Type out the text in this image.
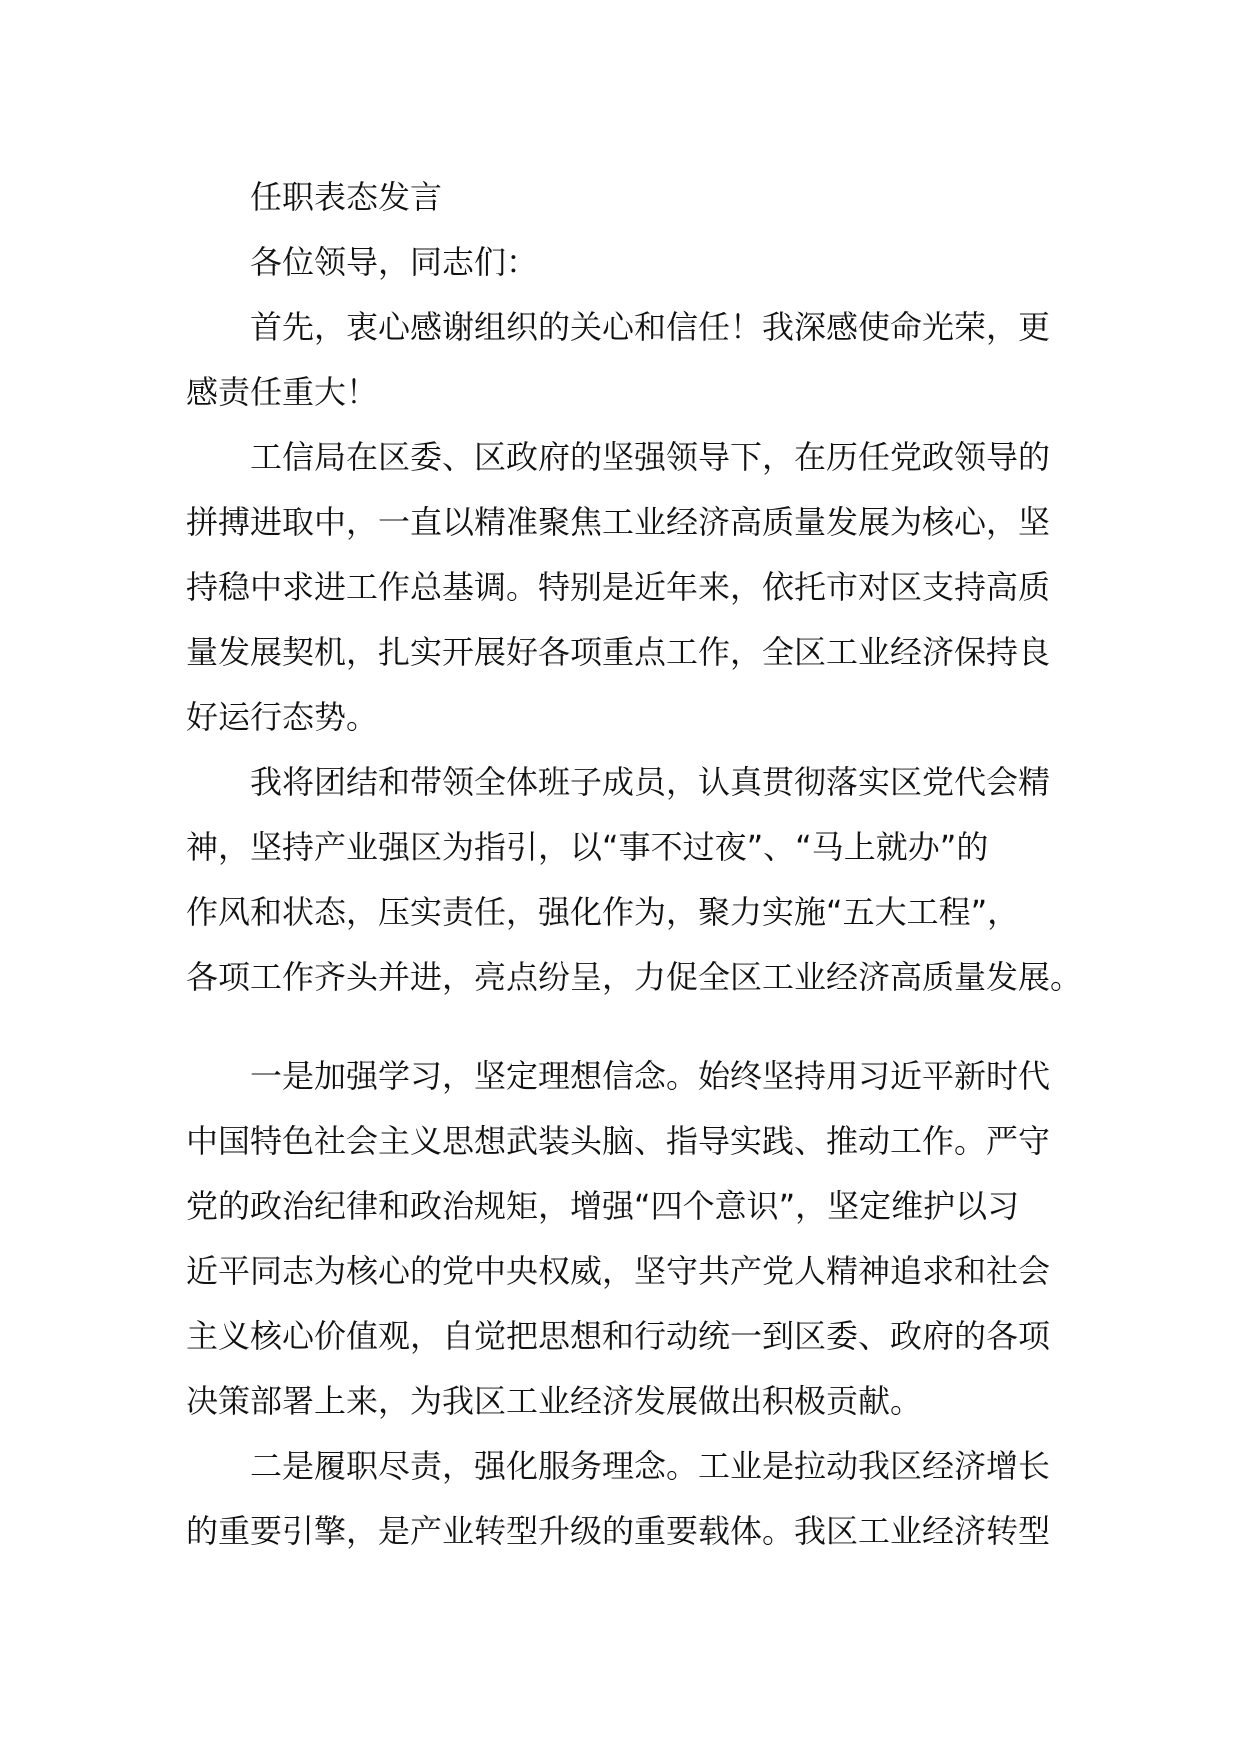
任职表态发言
各位领导，同志们：
首先，衷心感谢组织的关心和信任！我深感使命光荣，更
感责任重大！
工信局在区委、区政府的坚强领导下，在历任党政领导的
拼搏进取中，一直以精准聚焦工业经济高质量发展为核心，坚
持稳中求进工作总基调。特别是近年来，依托市对区支持高质
量发展契机，扎实开展好各项重点工作，全区工业经济保持良
好运行态势。
我将团结和带领全体班子成员，认真贯彻落实区党代会精
神，坚持产业强区为指引，以“事不过夜”、“马上就办”的
作风和状态，压实责任，强化作为，聚力实施“五大工程”，
各项工作齐头并进，亮点纷呈，力促全区工业经济高质量发展。
一是加强学习，坚定理想信念。始终坚持用习近平新时代
中国特色社会主义思想武装头脑、指导实践、推动工作。严守
党的政治纪律和政治规矩，增强“四个意识”，坚定维护以习
近平同志为核心的党中央权威，坚守共产党人精神追求和社会
主义核心价值观，自觉把思想和行动统一到区委、政府的各项
决策部署上来，为我区工业经济发展做出积极贡献。
二是履职尽责，强化服务理念。工业是拉动我区经济增长
的重要引擎，是产业转型升级的重要载体。我区工业经济转型
